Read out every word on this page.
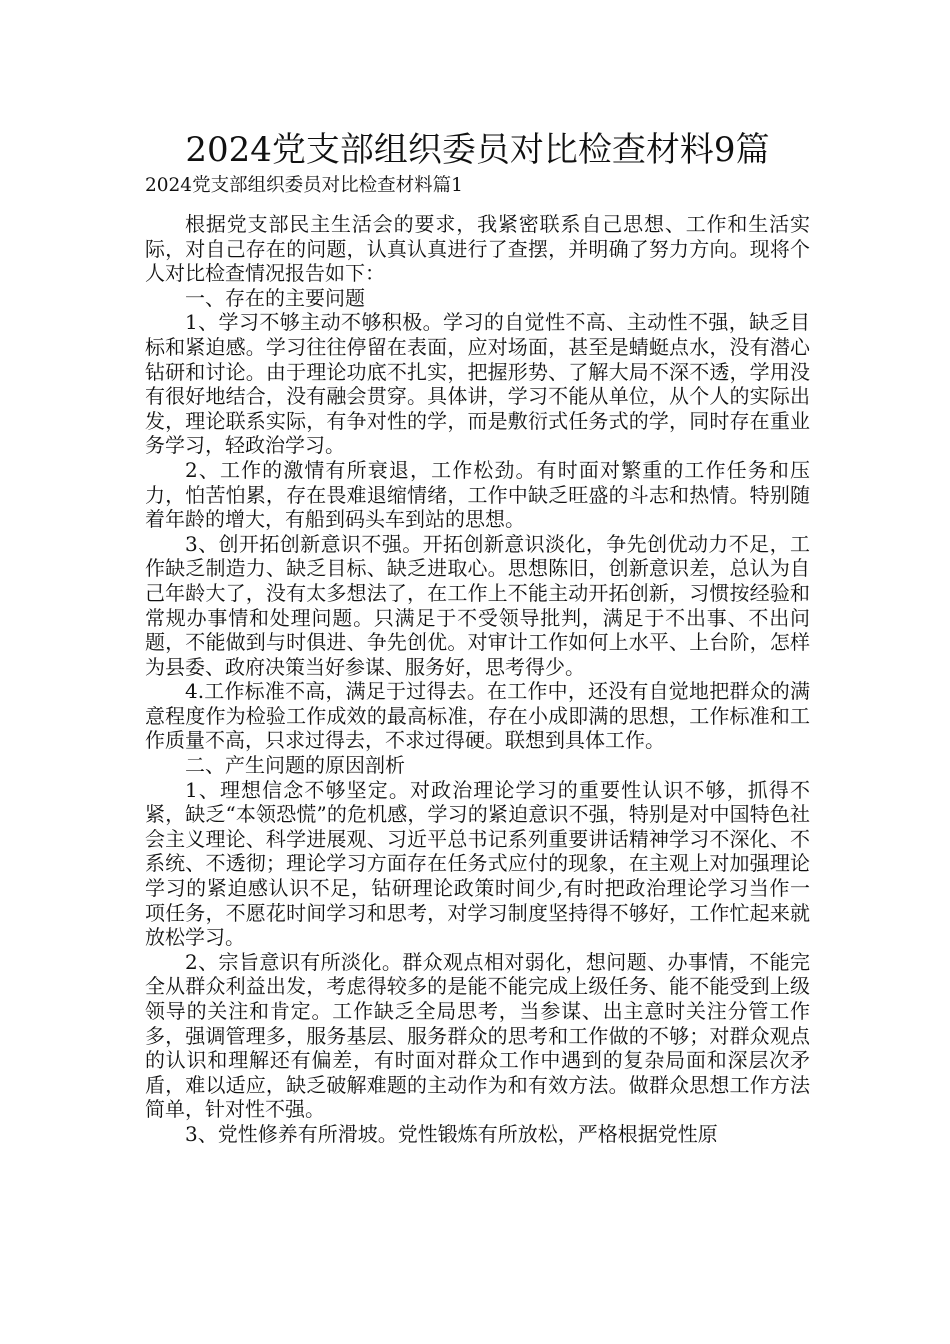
2024党支部组织委员对比检查材料9篇

2024党支部组织委员对比检查材料篇1

根据党支部民主生活会的要求，我紧密联系自己思想、工作和生活实际，对自己存在的问题，认真认真进行了查摆，并明确了努力方向。现将个人对比检查情况报告如下：

一、存在的主要问题

1、学习不够主动不够积极。学习的自觉性不高、主动性不强，缺乏目标和紧迫感。学习往往停留在表面，应对场面，甚至是蜻蜓点水，没有潜心钻研和讨论。由于理论功底不扎实，把握形势、了解大局不深不透，学用没有很好地结合，没有融会贯穿。具体讲，学习不能从单位，从个人的实际出发，理论联系实际，有争对性的学，而是敷衍式任务式的学，同时存在重业务学习，轻政治学习。

2、工作的激情有所衰退，工作松劲。有时面对繁重的工作任务和压力，怕苦怕累，存在畏难退缩情绪，工作中缺乏旺盛的斗志和热情。特别随着年龄的增大，有船到码头车到站的思想。

3、创开拓创新意识不强。开拓创新意识淡化，争先创优动力不足，工作缺乏制造力、缺乏目标、缺乏进取心。思想陈旧，创新意识差，总认为自己年龄大了，没有太多想法了，在工作上不能主动开拓创新，习惯按经验和常规办事情和处理问题。只满足于不受领导批判，满足于不出事、不出问题，不能做到与时俱进、争先创优。对审计工作如何上水平、上台阶，怎样为县委、政府决策当好参谋、服务好，思考得少。

4.工作标准不高，满足于过得去。在工作中，还没有自觉地把群众的满意程度作为检验工作成效的最高标准，存在小成即满的思想，工作标准和工作质量不高，只求过得去，不求过得硬。联想到具体工作。

二、产生问题的原因剖析

1、理想信念不够坚定。对政治理论学习的重要性认识不够，抓得不紧，缺乏“本领恐慌”的危机感，学习的紧迫意识不强，特别是对中国特色社会主义理论、科学进展观、习近平总书记系列重要讲话精神学习不深化、不系统、不透彻；理论学习方面存在任务式应付的现象，在主观上对加强理论学习的紧迫感认识不足，钻研理论政策时间少,有时把政治理论学习当作一项任务，不愿花时间学习和思考，对学习制度坚持得不够好，工作忙起来就放松学习。

2、宗旨意识有所淡化。群众观点相对弱化，想问题、办事情，不能完全从群众利益出发，考虑得较多的是能不能完成上级任务、能不能受到上级领导的关注和肯定。工作缺乏全局思考，当参谋、出主意时关注分管工作多，强调管理多，服务基层、服务群众的思考和工作做的不够；对群众观点的认识和理解还有偏差，有时面对群众工作中遇到的复杂局面和深层次矛盾，难以适应，缺乏破解难题的主动作为和有效方法。做群众思想工作方法简单，针对性不强。

3、党性修养有所滑坡。党性锻炼有所放松，严格根据党性原
